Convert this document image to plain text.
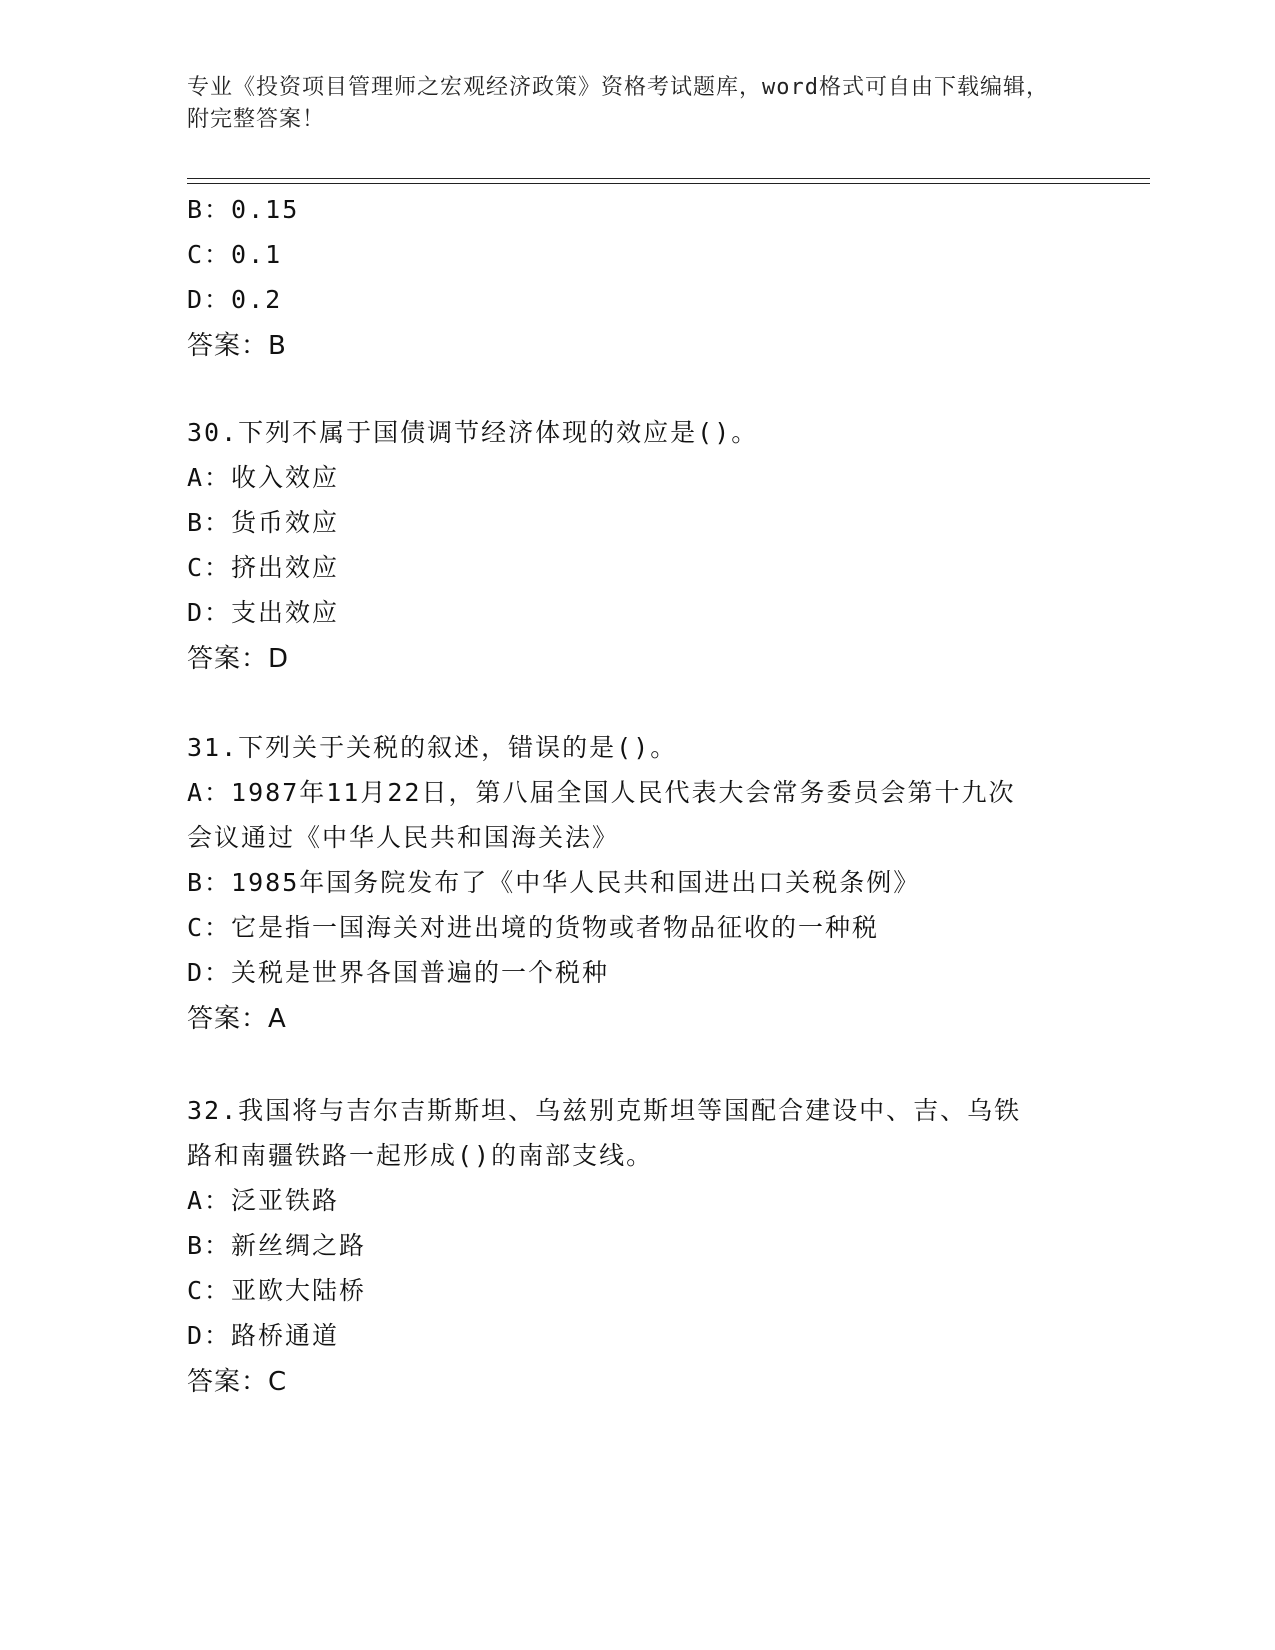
专业《投资项目管理师之宏观经济政策》资格考试题库，word格式可自由下载编辑，附完整答案！
B：0.15
C：0.1
D：0.2
答案：B
30.下列不属于国债调节经济体现的效应是()。
A：收入效应
B：货币效应
C：挤出效应
D：支出效应
答案：D
31.下列关于关税的叙述，错误的是()。
A：1987年11月22日，第八届全国人民代表大会常务委员会第十九次
会议通过《中华人民共和国海关法》
B：1985年国务院发布了《中华人民共和国进出口关税条例》
C：它是指一国海关对进出境的货物或者物品征收的一种税
D：关税是世界各国普遍的一个税种
答案：A
32.我国将与吉尔吉斯斯坦、乌兹别克斯坦等国配合建设中、吉、乌铁
路和南疆铁路一起形成()的南部支线。
A：泛亚铁路
B：新丝绸之路
C：亚欧大陆桥
D：路桥通道
答案：C
